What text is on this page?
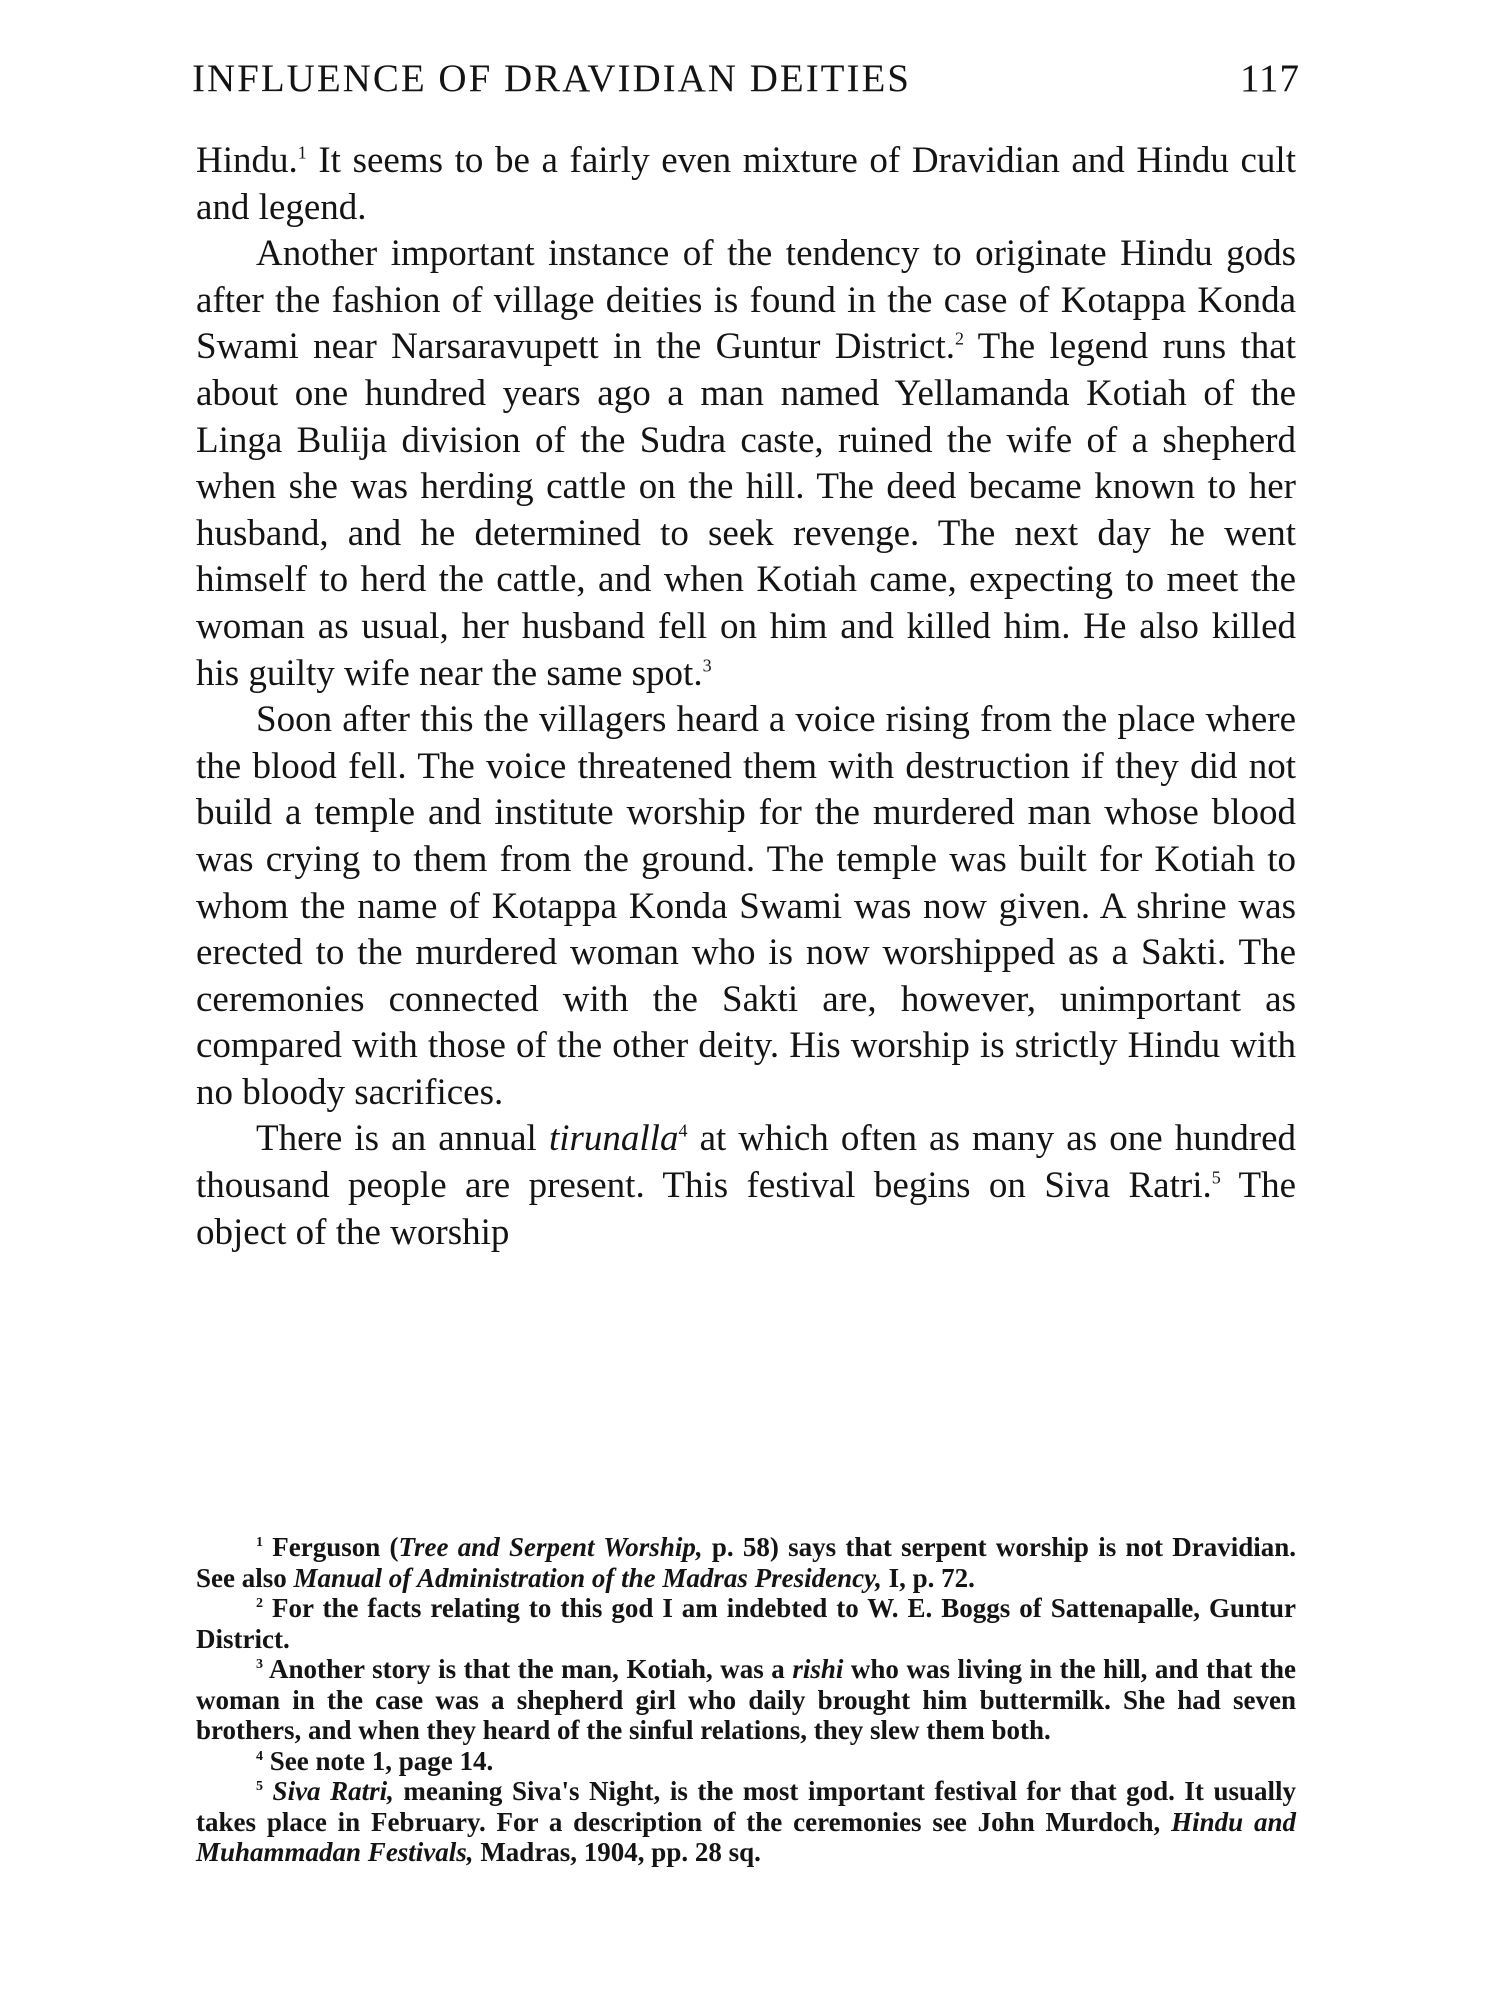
INFLUENCE OF DRAVIDIAN DEITIES	117

Hindu.$^1$ It seems to be a fairly even mixture of Dravidian and Hindu cult and legend.

Another important instance of the tendency to originate Hindu gods after the fashion of village deities is found in the case of Kotappa Konda Swami near Narsaravupett in the Guntur District.$^2$ The legend runs that about one hundred years ago a man named Yellamanda Kotiah of the Linga Bulija division of the Sudra caste, ruined the wife of a shepherd when she was herding cattle on the hill. The deed became known to her husband, and he determined to seek revenge. The next day he went himself to herd the cattle, and when Kotiah came, expecting to meet the woman as usual, her husband fell on him and killed him. He also killed his guilty wife near the same spot.$^3$

Soon after this the villagers heard a voice rising from the place where the blood fell. The voice threatened them with destruction if they did not build a temple and institute worship for the murdered man whose blood was crying to them from the ground. The temple was built for Kotiah to whom the name of Kotappa Konda Swami was now given. A shrine was erected to the murdered woman who is now worshipped as a Sakti. The ceremonies connected with the Sakti are, however, unimportant as compared with those of the other deity. His worship is strictly Hindu with no bloody sacrifices.

There is an annual tirunalla$^4$ at which often as many as one hundred thousand people are present. This festival begins on Siva Ratri.$^5$ The object of the worship

$^1$ Ferguson (Tree and Serpent Worship, p. 58) says that serpent worship is not Dravidian. See also Manual of Administration of the Madras Presidency, I, p. 72.

$^2$ For the facts relating to this god I am indebted to W. E. Boggs of Sattenapalle, Guntur District.

$^3$ Another story is that the man, Kotiah, was a rishi who was living in the hill, and that the woman in the case was a shepherd girl who daily brought him buttermilk. She had seven brothers, and when they heard of the sinful relations, they slew them both.

$^4$ See note 1, page 14.

$^5$ Siva Ratri, meaning Siva's Night, is the most important festival for that god. It usually takes place in February. For a description of the ceremonies see John Murdoch, Hindu and Muhammadan Festivals, Madras, 1904, pp. 28 sq.
